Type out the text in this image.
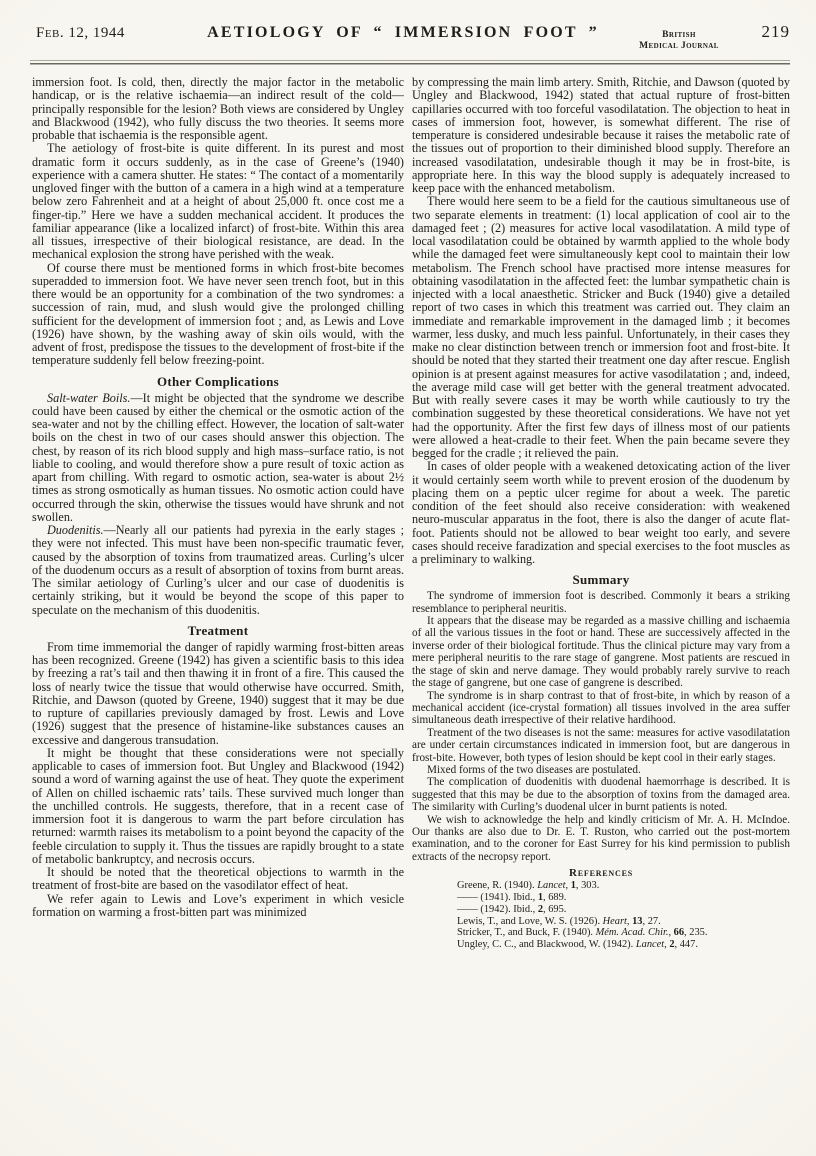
Feb. 12, 1944	AETIOLOGY OF “ IMMERSION FOOT ”	British
Medical Journal
219

immersion foot. Is cold, then, directly the major factor in the metabolic handicap, or is the relative ischaemia—an indirect result of the cold—principally responsible for the lesion? Both views are considered by Ungley and Blackwood (1942), who fully discuss the two theories. It seems more probable that ischaemia is the responsible agent.

The aetiology of frost-bite is quite different. In its purest and most dramatic form it occurs suddenly, as in the case of Greene’s (1940) experience with a camera shutter. He states: “ The contact of a momentarily ungloved finger with the button of a camera in a high wind at a temperature below zero Fahrenheit and at a height of about 25,000 ft. once cost me a finger-tip.” Here we have a sudden mechanical accident. It produces the familiar appearance (like a localized infarct) of frost-bite. Within this area all tissues, irrespective of their biological resistance, are dead. In the mechanical explosion the strong have perished with the weak.

Of course there must be mentioned forms in which frost-bite becomes superadded to immersion foot. We have never seen trench foot, but in this there would be an opportunity for a combination of the two syndromes: a succession of rain, mud, and slush would give the prolonged chilling sufficient for the development of immersion foot ; and, as Lewis and Love (1926) have shown, by the washing away of skin oils would, with the advent of frost, predispose the tissues to the development of frost-bite if the temperature suddenly fell below freezing-point.

Other Complications

Salt-water Boils.—It might be objected that the syndrome we describe could have been caused by either the chemical or the osmotic action of the sea-water and not by the chilling effect. However, the location of salt-water boils on the chest in two of our cases should answer this objection. The chest, by reason of its rich blood supply and high mass–surface ratio, is not liable to cooling, and would therefore show a pure result of toxic action as apart from chilling. With regard to osmotic action, sea-water is about 2½ times as strong osmotically as human tissues. No osmotic action could have occurred through the skin, otherwise the tissues would have shrunk and not swollen.

Duodenitis.—Nearly all our patients had pyrexia in the early stages ; they were not infected. This must have been non-specific traumatic fever, caused by the absorption of toxins from traumatized areas. Curling’s ulcer of the duodenum occurs as a result of absorption of toxins from burnt areas. The similar aetiology of Curling’s ulcer and our case of duodenitis is certainly striking, but it would be beyond the scope of this paper to speculate on the mechanism of this duodenitis.

Treatment

From time immemorial the danger of rapidly warming frost-bitten areas has been recognized. Greene (1942) has given a scientific basis to this idea by freezing a rat’s tail and then thawing it in front of a fire. This caused the loss of nearly twice the tissue that would otherwise have occurred. Smith, Ritchie, and Dawson (quoted by Greene, 1940) suggest that it may be due to rupture of capillaries previously damaged by frost. Lewis and Love (1926) suggest that the presence of histamine-like substances causes an excessive and dangerous transudation.

It might be thought that these considerations were not specially applicable to cases of immersion foot. But Ungley and Blackwood (1942) sound a word of warning against the use of heat. They quote the experiment of Allen on chilled ischaemic rats’ tails. These survived much longer than the unchilled controls. He suggests, therefore, that in a recent case of immersion foot it is dangerous to warm the part before circulation has returned: warmth raises its metabolism to a point beyond the capacity of the feeble circulation to supply it. Thus the tissues are rapidly brought to a state of metabolic bankruptcy, and necrosis occurs.

It should be noted that the theoretical objections to warmth in the treatment of frost-bite are based on the vasodilator effect of heat.

We refer again to Lewis and Love’s experiment in which vesicle formation on warming a frost-bitten part was minimized

by compressing the main limb artery. Smith, Ritchie, and Dawson (quoted by Ungley and Blackwood, 1942) stated that actual rupture of frost-bitten capillaries occurred with too forceful vasodilatation. The objection to heat in cases of immersion foot, however, is somewhat different. The rise of temperature is considered undesirable because it raises the metabolic rate of the tissues out of proportion to their diminished blood supply. Therefore an increased vasodilatation, undesirable though it may be in frost-bite, is appropriate here. In this way the blood supply is adequately increased to keep pace with the enhanced metabolism.

There would here seem to be a field for the cautious simultaneous use of two separate elements in treatment: (1) local application of cool air to the damaged feet ; (2) measures for active local vasodilatation. A mild type of local vasodilatation could be obtained by warmth applied to the whole body while the damaged feet were simultaneously kept cool to maintain their low metabolism. The French school have practised more intense measures for obtaining vasodilatation in the affected feet: the lumbar sympathetic chain is injected with a local anaesthetic. Stricker and Buck (1940) give a detailed report of two cases in which this treatment was carried out. They claim an immediate and remarkable improvement in the damaged limb ; it becomes warmer, less dusky, and much less painful. Unfortunately, in their cases they make no clear distinction between trench or immersion foot and frost-bite. It should be noted that they started their treatment one day after rescue. English opinion is at present against measures for active vasodilatation ; and, indeed, the average mild case will get better with the general treatment advocated. But with really severe cases it may be worth while cautiously to try the combination suggested by these theoretical considerations. We have not yet had the opportunity. After the first few days of illness most of our patients were allowed a heat-cradle to their feet. When the pain became severe they begged for the cradle ; it relieved the pain.

In cases of older people with a weakened detoxicating action of the liver it would certainly seem worth while to prevent erosion of the duodenum by placing them on a peptic ulcer regime for about a week. The paretic condition of the feet should also receive consideration: with weakened neuro-muscular apparatus in the foot, there is also the danger of acute flat-foot. Patients should not be allowed to bear weight too early, and severe cases should receive faradization and special exercises to the foot muscles as a preliminary to walking.

Summary

The syndrome of immersion foot is described. Commonly it bears a striking resemblance to peripheral neuritis.

It appears that the disease may be regarded as a massive chilling and ischaemia of all the various tissues in the foot or hand. These are successively affected in the inverse order of their biological fortitude. Thus the clinical picture may vary from a mere peripheral neuritis to the rare stage of gangrene. Most patients are rescued in the stage of skin and nerve damage. They would probably rarely survive to reach the stage of gangrene, but one case of gangrene is described.

The syndrome is in sharp contrast to that of frost-bite, in which by reason of a mechanical accident (ice-crystal formation) all tissues involved in the area suffer simultaneous death irrespective of their relative hardihood.

Treatment of the two diseases is not the same: measures for active vasodilatation are under certain circumstances indicated in immersion foot, but are dangerous in frost-bite. However, both types of lesion should be kept cool in their early stages.

Mixed forms of the two diseases are postulated.

The complication of duodenitis with duodenal haemorrhage is described. It is suggested that this may be due to the absorption of toxins from the damaged area. The similarity with Curling’s duodenal ulcer in burnt patients is noted.

We wish to acknowledge the help and kindly criticism of Mr. A. H. McIndoe. Our thanks are also due to Dr. E. T. Ruston, who carried out the post-mortem examination, and to the coroner for East Surrey for his kind permission to publish extracts of the necropsy report.

References

Greene, R. (1940). Lancet, 1, 303.

—— (1941). Ibid., 1, 689.

—— (1942). Ibid., 2, 695.

Lewis, T., and Love, W. S. (1926). Heart, 13, 27.

Stricker, T., and Buck, F. (1940). Mém. Acad. Chir., 66, 235.

Ungley, C. C., and Blackwood, W. (1942). Lancet, 2, 447.
